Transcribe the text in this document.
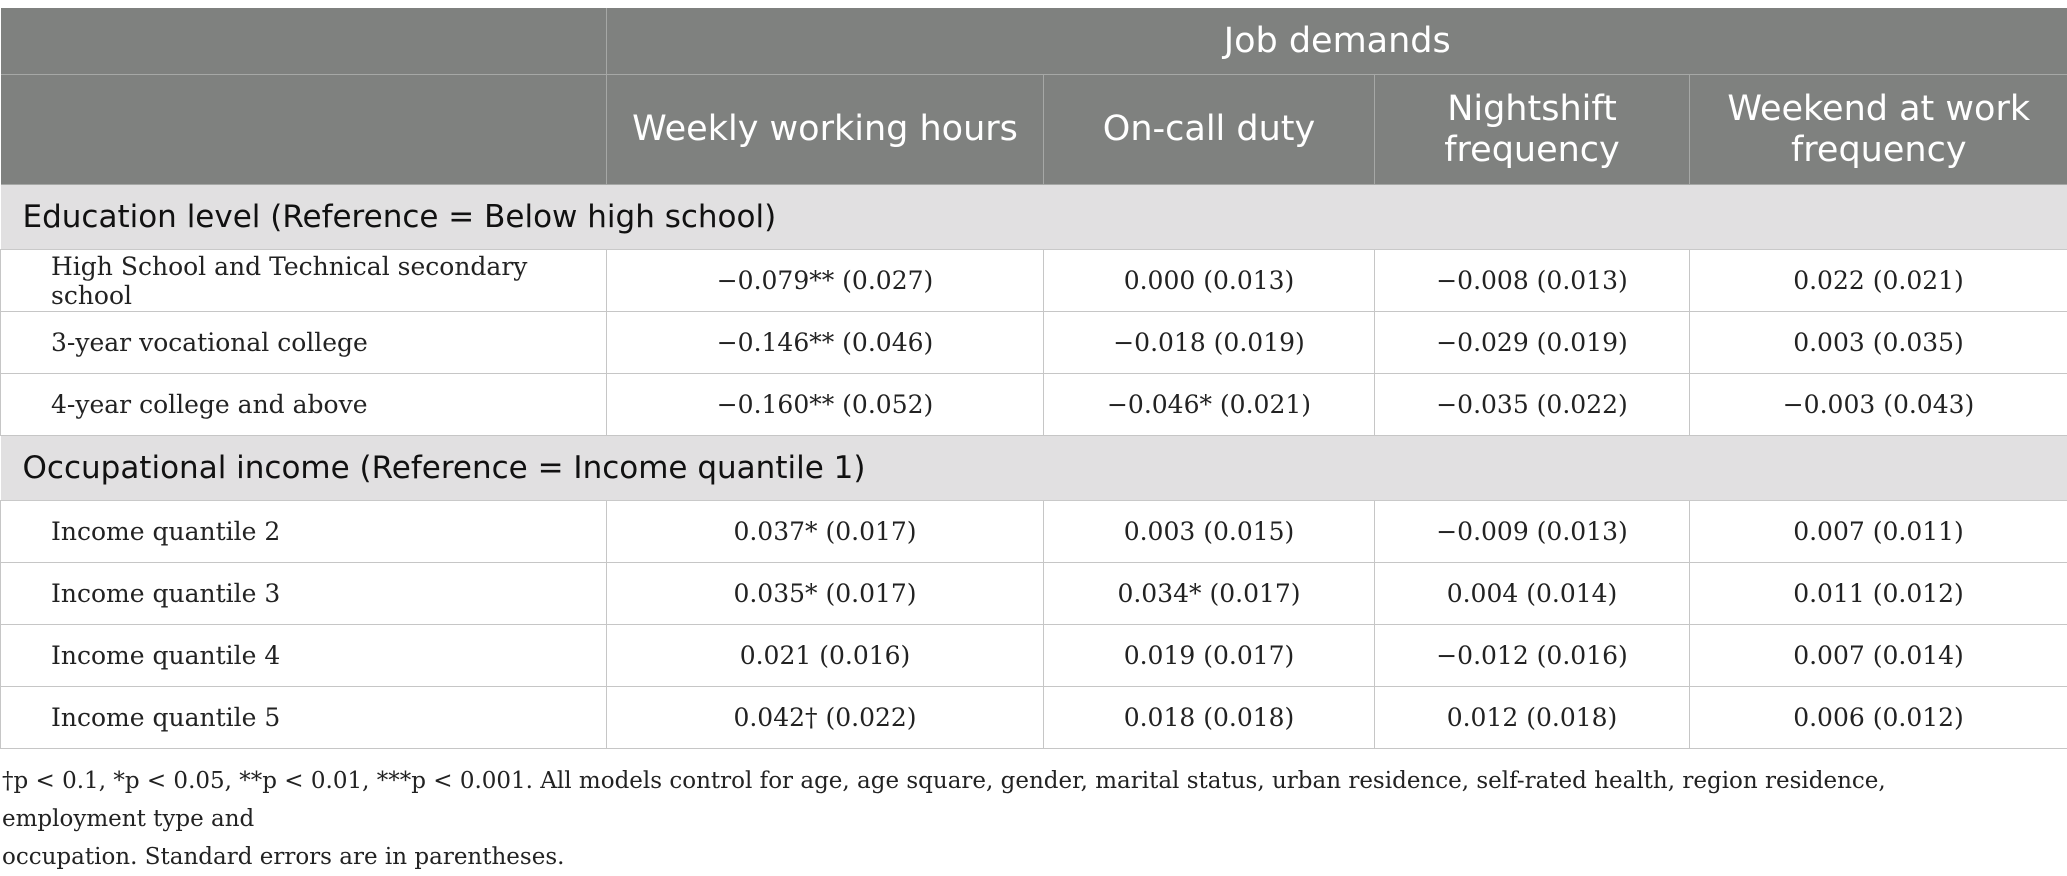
	Job demands			
	Weekly working hours	On-call duty	Nightshift frequency	Weekend at work frequency
Education level (Reference = Below high school)				
High School and Technical secondary school	−0.079** (0.027)	0.000 (0.013)	−0.008 (0.013)	0.022 (0.021)
3-year vocational college	−0.146** (0.046)	−0.018 (0.019)	−0.029 (0.019)	0.003 (0.035)
4-year college and above	−0.160** (0.052)	−0.046* (0.021)	−0.035 (0.022)	−0.003 (0.043)
Occupational income (Reference = Income quantile 1)				
Income quantile 2	0.037* (0.017)	0.003 (0.015)	−0.009 (0.013)	0.007 (0.011)
Income quantile 3	0.035* (0.017)	0.034* (0.017)	0.004 (0.014)	0.011 (0.012)
Income quantile 4	0.021 (0.016)	0.019 (0.017)	−0.012 (0.016)	0.007 (0.014)
Income quantile 5	0.042† (0.022)	0.018 (0.018)	0.012 (0.018)	0.006 (0.012)
†p < 0.1, *p < 0.05, **p < 0.01, ***p < 0.001. All models control for age, age square, gender, marital status, urban residence, self-rated health, region residence, employment type and
occupation. Standard errors are in parentheses.
